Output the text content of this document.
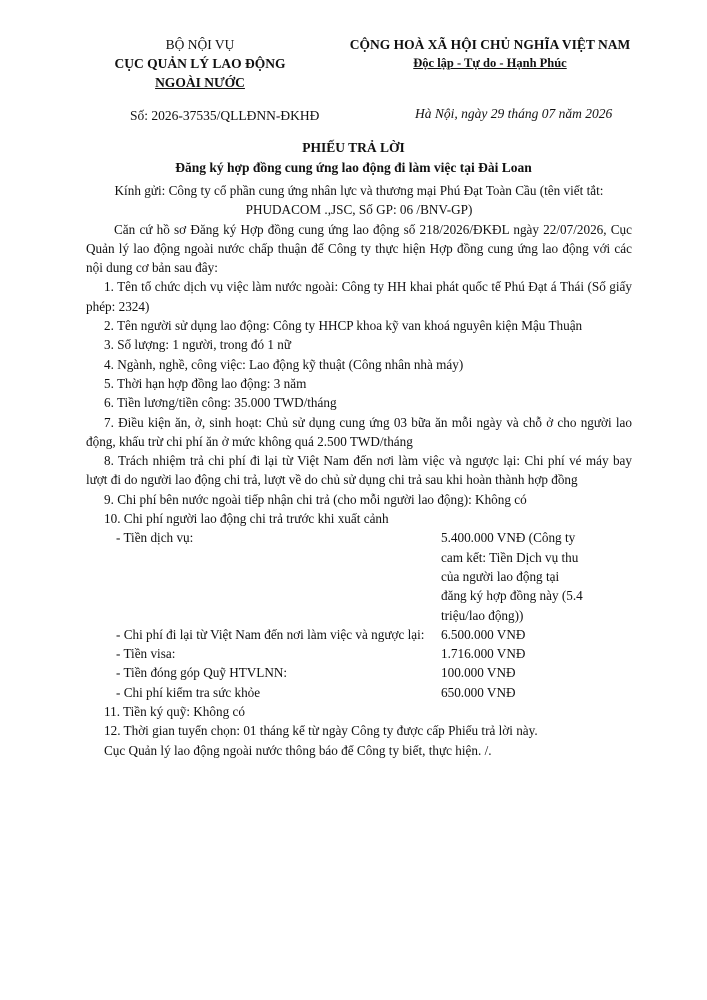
BỘ NỘI VỤ
CỤC QUẢN LÝ LAO ĐỘNG
NGOÀI NƯỚC
CỘNG HOÀ XÃ HỘI CHỦ NGHĨA VIỆT NAM
Độc lập - Tự do - Hạnh Phúc
Số: 2026-37535/QLLĐNN-ĐKHĐ	Hà Nội, ngày 29 tháng 07 năm 2026
PHIẾU TRẢ LỜI
Đăng ký hợp đồng cung ứng lao động đi làm việc tại Đài Loan

Kính gửi: Công ty cổ phần cung ứng nhân lực và thương mại Phú Đạt Toàn Cầu (tên viết tắt:

PHUDACOM .,JSC, Số GP: 06 /BNV-GP)

Căn cứ hồ sơ Đăng ký Hợp đồng cung ứng lao động số 218/2026/ĐKĐL ngày 22/07/2026, Cục Quản lý lao động ngoài nước chấp thuận để Công ty thực hiện Hợp đồng cung ứng lao động với các nội dung cơ bản sau đây:

1. Tên tổ chức dịch vụ việc làm nước ngoài: Công ty HH khai phát quốc tế Phú Đạt á Thái (Số giấy phép: 2324)

2. Tên người sử dụng lao động: Công ty HHCP khoa kỹ van khoá nguyên kiện Mậu Thuận

3. Số lượng: 1 người, trong đó 1 nữ

4. Ngành, nghề, công việc: Lao động kỹ thuật (Công nhân nhà máy)

5. Thời hạn hợp đồng lao động: 3 năm

6. Tiền lương/tiền công: 35.000 TWD/tháng

7. Điều kiện ăn, ở, sinh hoạt: Chủ sử dụng cung ứng 03 bữa ăn mỗi ngày và chỗ ở cho người lao động, khấu trừ chi phí ăn ở mức không quá 2.500 TWD/tháng

8. Trách nhiệm trả chi phí đi lại từ Việt Nam đến nơi làm việc và ngược lại: Chi phí vé máy bay lượt đi do người lao động chi trả, lượt về do chủ sử dụng chi trả sau khi hoàn thành hợp đồng

9. Chi phí bên nước ngoài tiếp nhận chi trả (cho mỗi người lao động): Không có

10. Chi phí người lao động chi trả trước khi xuất cảnh

- Tiền dịch vụ:	5.400.000 VNĐ (Công ty cam kết: Tiền Dịch vụ thu của người lao động tại đăng ký hợp đồng này (5.4 triệu/lao động))
- Chi phí đi lại từ Việt Nam đến nơi làm việc và ngược lại:	6.500.000 VNĐ
- Tiền visa:	1.716.000 VNĐ
- Tiền đóng góp Quỹ HTVLNN:	100.000 VNĐ
- Chi phí kiểm tra sức khỏe	650.000 VNĐ

11. Tiền ký quỹ: Không có

12. Thời gian tuyển chọn: 01 tháng kể từ ngày Công ty được cấp Phiếu trả lời này.

Cục Quản lý lao động ngoài nước thông báo để Công ty biết, thực hiện. /.
